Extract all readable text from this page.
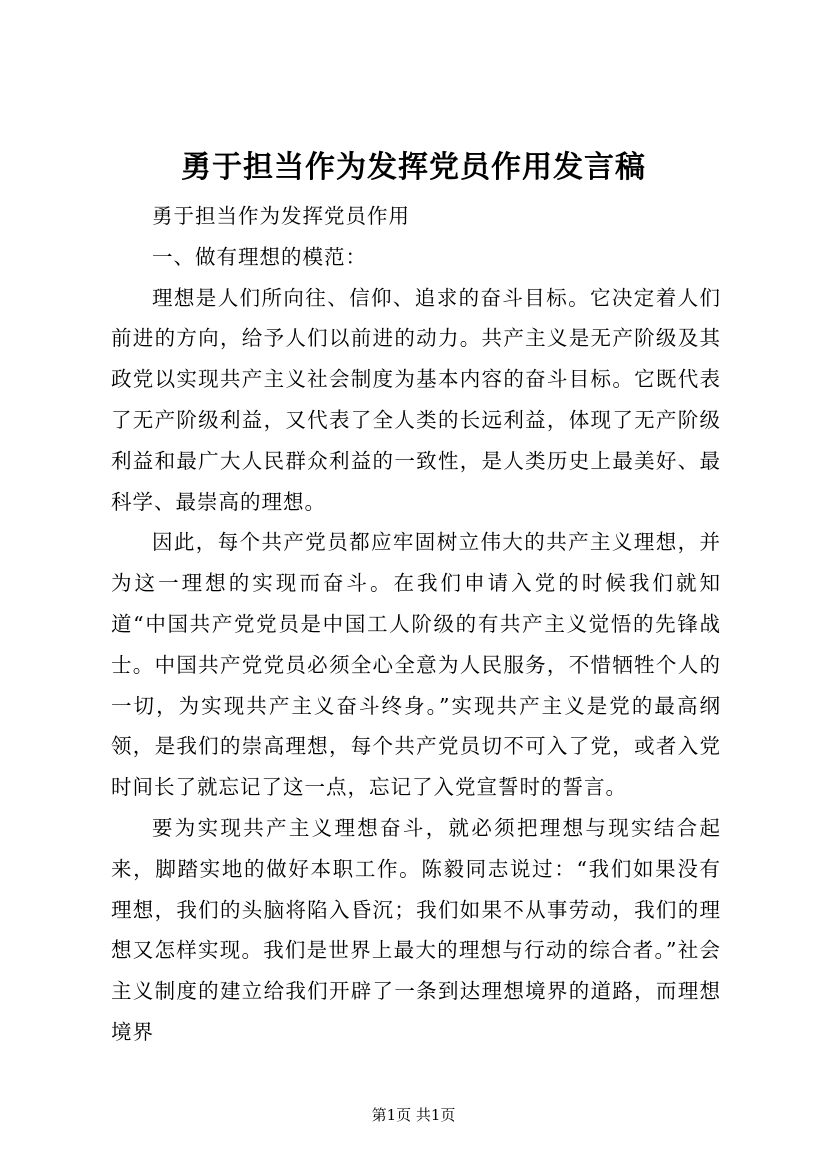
勇于担当作为发挥党员作用发言稿

勇于担当作为发挥党员作用

一、做有理想的模范：

理想是人们所向往、信仰、追求的奋斗目标。它决定着人们前进的方向，给予人们以前进的动力。共产主义是无产阶级及其政党以实现共产主义社会制度为基本内容的奋斗目标。它既代表了无产阶级利益，又代表了全人类的长远利益，体现了无产阶级利益和最广大人民群众利益的一致性，是人类历史上最美好、最科学、最崇高的理想。

因此，每个共产党员都应牢固树立伟大的共产主义理想，并为这一理想的实现而奋斗。在我们申请入党的时候我们就知道“中国共产党党员是中国工人阶级的有共产主义觉悟的先锋战士。中国共产党党员必须全心全意为人民服务，不惜牺牲个人的一切，为实现共产主义奋斗终身。”实现共产主义是党的最高纲领，是我们的崇高理想，每个共产党员切不可入了党，或者入党时间长了就忘记了这一点，忘记了入党宣誓时的誓言。

要为实现共产主义理想奋斗，就必须把理想与现实结合起来，脚踏实地的做好本职工作。陈毅同志说过：“我们如果没有理想，我们的头脑将陷入昏沉；我们如果不从事劳动，我们的理想又怎样实现。我们是世界上最大的理想与行动的综合者。”社会主义制度的建立给我们开辟了一条到达理想境界的道路，而理想境界

第1页 共1页
